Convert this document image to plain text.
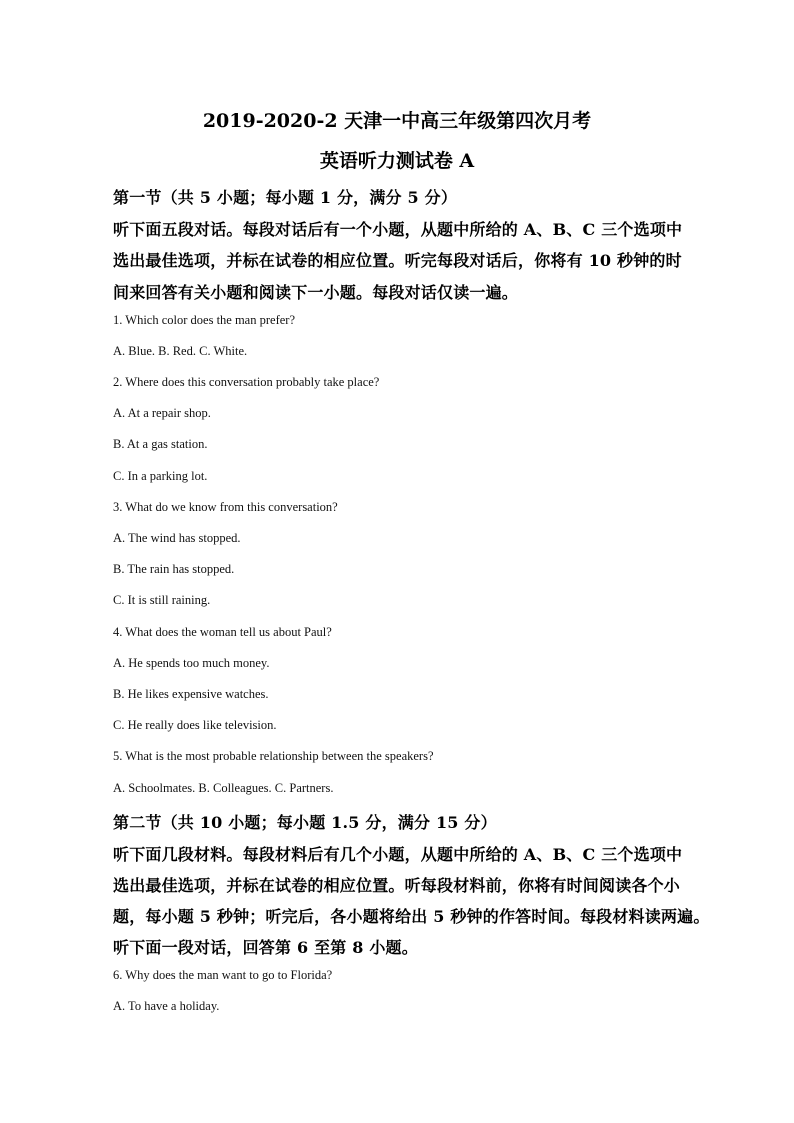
2019-2020-2 天津一中高三年级第四次月考
英语听力测试卷 A
第一节（共 5 小题；每小题 1 分，满分 5 分）
听下面五段对话。每段对话后有一个小题，从题中所给的 A、B、C 三个选项中
选出最佳选项，并标在试卷的相应位置。听完每段对话后，你将有 10 秒钟的时
间来回答有关小题和阅读下一小题。每段对话仅读一遍。
1. Which color does the man prefer?
A. Blue. B. Red. C. White.
2. Where does this conversation probably take place?
A. At a repair shop.
B. At a gas station.
C. In a parking lot.
3. What do we know from this conversation?
A. The wind has stopped.
B. The rain has stopped.
C. It is still raining.
4. What does the woman tell us about Paul?
A. He spends too much money.
B. He likes expensive watches.
C. He really does like television.
5. What is the most probable relationship between the speakers?
A. Schoolmates. B. Colleagues. C. Partners.
第二节（共 10 小题；每小题 1.5 分，满分 15 分）
听下面几段材料。每段材料后有几个小题，从题中所给的 A、B、C 三个选项中
选出最佳选项，并标在试卷的相应位置。听每段材料前，你将有时间阅读各个小
题，每小题 5 秒钟；听完后，各小题将给出 5 秒钟的作答时间。每段材料读两遍。
听下面一段对话，回答第 6 至第 8 小题。
6. Why does the man want to go to Florida?
A. To have a holiday.
